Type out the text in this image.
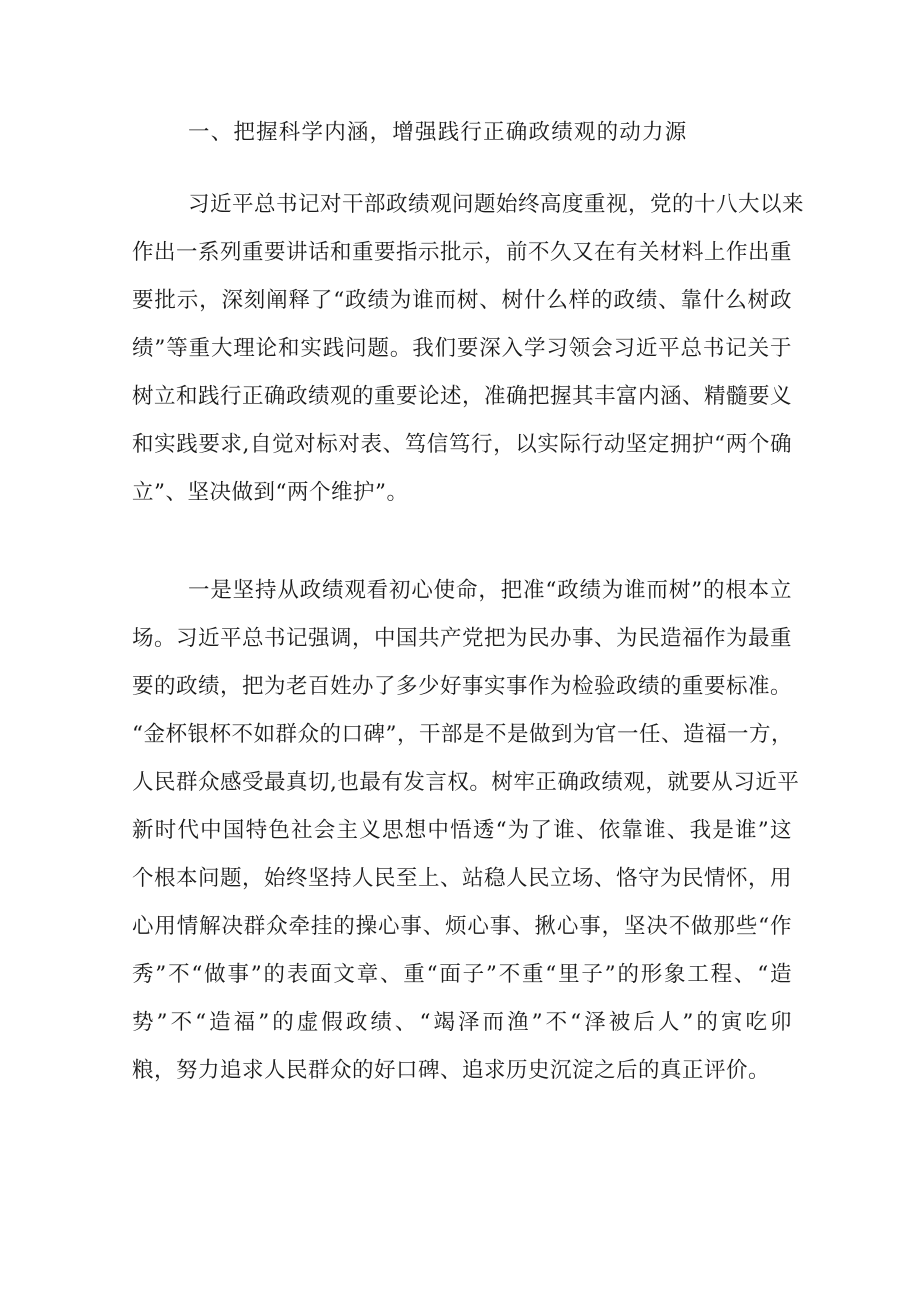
一、把握科学内涵，增强践行正确政绩观的动力源

习近平总书记对干部政绩观问题始终高度重视，党的十八大以来

作出一系列重要讲话和重要指示批示，前不久又在有关材料上作出重

要批示，深刻阐释了“政绩为谁而树、树什么样的政绩、靠什么树政

绩”等重大理论和实践问题。我们要深入学习领会习近平总书记关于

树立和践行正确政绩观的重要论述，准确把握其丰富内涵、精髓要义

和实践要求,自觉对标对表、笃信笃行，以实际行动坚定拥护“两个确

立”、坚决做到“两个维护”。

一是坚持从政绩观看初心使命，把准“政绩为谁而树”的根本立

场。习近平总书记强调，中国共产党把为民办事、为民造福作为最重

要的政绩，把为老百姓办了多少好事实事作为检验政绩的重要标准。

“金杯银杯不如群众的口碑”，干部是不是做到为官一任、造福一方，

人民群众感受最真切,也最有发言权。树牢正确政绩观，就要从习近平

新时代中国特色社会主义思想中悟透“为了谁、依靠谁、我是谁”这

个根本问题，始终坚持人民至上、站稳人民立场、恪守为民情怀，用

心用情解决群众牵挂的操心事、烦心事、揪心事，坚决不做那些“作

秀”不“做事”的表面文章、重“面子”不重“里子”的形象工程、“造

势”不“造福”的虚假政绩、“竭泽而渔”不“泽被后人”的寅吃卯

粮，努力追求人民群众的好口碑、追求历史沉淀之后的真正评价。
